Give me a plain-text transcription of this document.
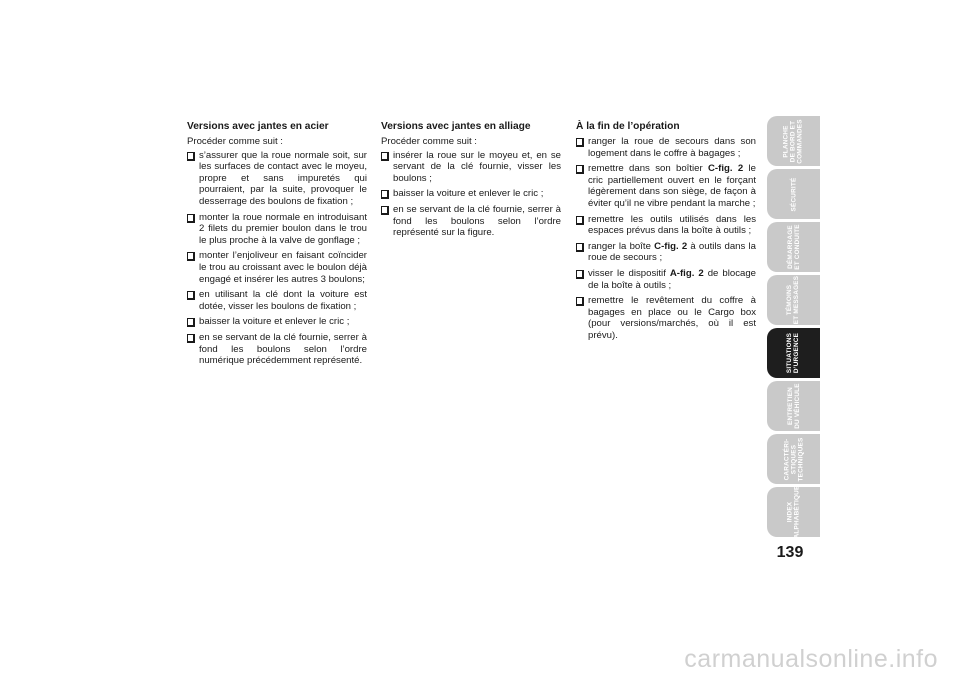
Versions avec jantes en acier

Procéder comme suit :

s’assurer que la roue normale soit, sur les surfaces de contact avec le moyeu, propre et sans impuretés qui pourraient, par la suite, provoquer le desserrage des boulons de fixation ;
monter la roue normale en introduisant 2 filets du premier boulon dans le trou le plus proche à la valve de gonflage ;
monter l’enjoliveur en faisant coïncider le trou au croissant avec le boulon déjà engagé et insérer les autres 3 boulons;
en utilisant la clé dont la voiture est dotée, visser les boulons de fixation ;
baisser la voiture et enlever le cric ;
en se servant de la clé fournie, serrer à fond les boulons selon l’ordre numérique précédemment représenté.
Versions avec jantes en alliage

Procéder comme suit :

insérer la roue sur le moyeu et, en se servant de la clé fournie, visser les boulons ;
baisser la voiture et enlever le cric ;
en se servant de la clé fournie, serrer à fond les boulons selon l’ordre représenté sur la figure.
À la fin de l’opération
ranger la roue de secours dans son logement dans le coffre à bagages ;
remettre dans son boîtier C-fig. 2 le cric partiellement ouvert en le forçant légèrement dans son siège, de façon à éviter qu’il ne vibre pendant la marche ;
remettre les outils utilisés dans les espaces prévus dans la boîte à outils ;
ranger la boîte C-fig. 2 à outils dans la roue de secours ;
visser le dispositif A-fig. 2 de blocage de la boîte à outils ;
remettre le revêtement du coffre à bagages en place ou le Cargo box (pour versions/marchés, où il est prévu).
PLANCHE
DE BORD ET
COMMANDES
SÉCURITÉ
DÉMARRAGE
ET CONDUITE
TÉMOINS
ET MESSAGES
SITUATIONS
D’URGENCE
ENTRETIEN
DU VÉHICULE
CARACTÉRI-
STIQUES
TECHNIQUES
INDEX
ALPHABÉTIQUE
139
carmanualsonline.info
